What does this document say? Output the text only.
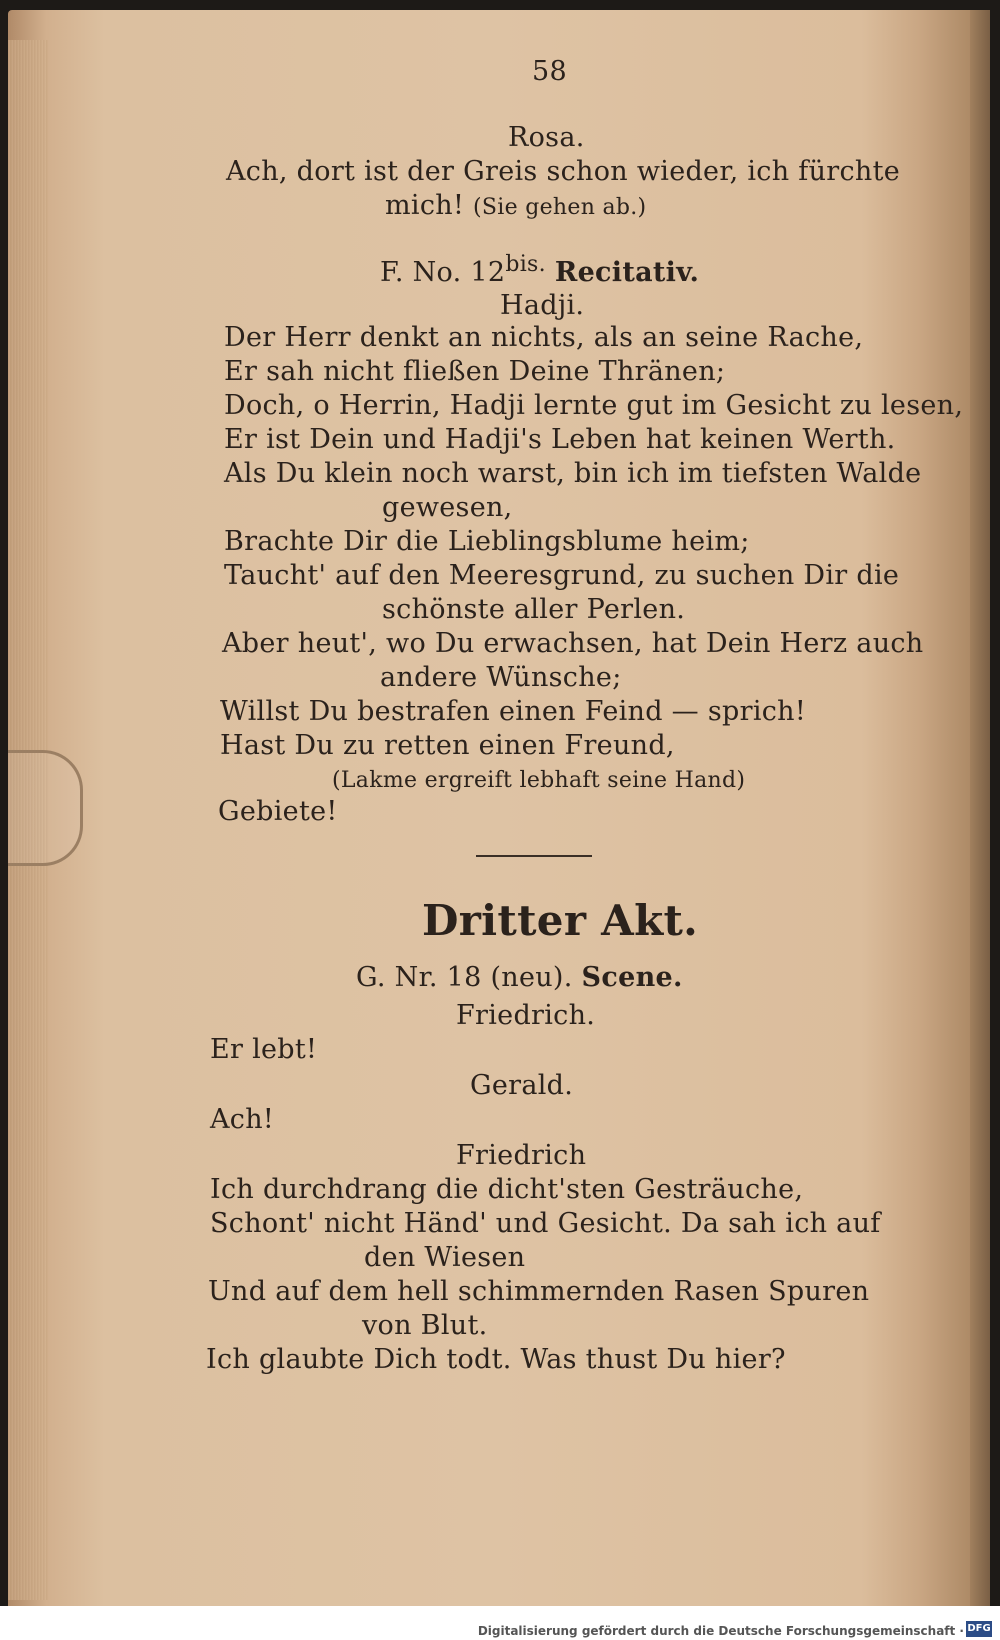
58
Rosa.
Ach, dort ist der Greis schon wieder, ich fürchte
mich! (Sie gehen ab.)
F. No. $12^{bis.}$ Recitativ.
Hadji.
Der Herr denkt an nichts, als an seine Rache,
Er sah nicht fließen Deine Thränen;
Doch, o Herrin, Hadji lernte gut im Gesicht zu lesen,
Er ist Dein und Hadji's Leben hat keinen Werth.
Als Du klein noch warst, bin ich im tiefsten Walde
gewesen,
Brachte Dir die Lieblingsblume heim;
Taucht' auf den Meeresgrund, zu suchen Dir die
schönste aller Perlen.
Aber heut', wo Du erwachsen, hat Dein Herz auch
andere Wünsche;
Willst Du bestrafen einen Feind — sprich!
Hast Du zu retten einen Freund,
(Lakme ergreift lebhaft seine Hand)
Gebiete!
Dritter Akt.
G. Nr. 18 (neu). Scene.
Friedrich.
Er lebt!
Gerald.
Ach!
Friedrich
Ich durchdrang die dicht'sten Gesträuche,
Schont' nicht Händ' und Gesicht. Da sah ich auf
den Wiesen
Und auf dem hell schimmernden Rasen Spuren
von Blut.
Ich glaubte Dich todt. Was thust Du hier?
Digitalisierung gefördert durch die Deutsche Forschungsgemeinschaft · DFG
